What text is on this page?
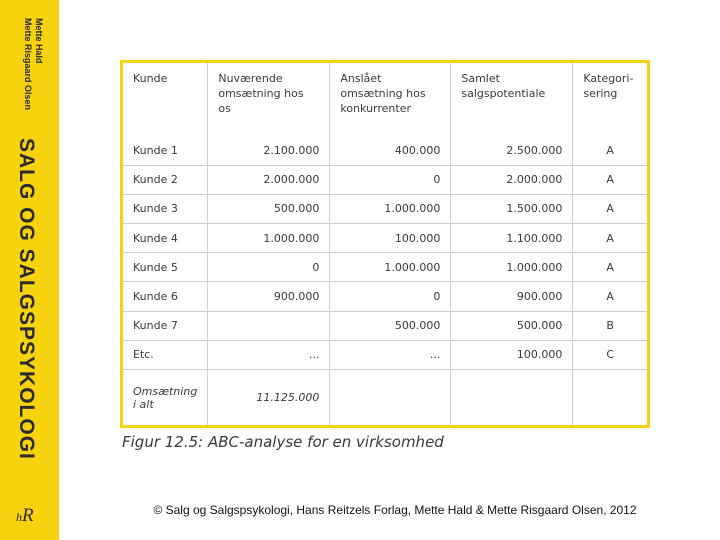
Mette Hald
Mette Risgaard Olsen
SALG OG SALGSPSYKOLOGI
hR
Kunde	Nuværende omsætning hos os	Anslået omsætning hos konkurrenter	Samlet salgspotentiale	Kategori-sering
Kunde 1	2.100.000	400.000	2.500.000	A
Kunde 2	2.000.000	0	2.000.000	A
Kunde 3	500.000	1.000.000	1.500.000	A
Kunde 4	1.000.000	100.000	1.100.000	A
Kunde 5	0	1.000.000	1.000.000	A
Kunde 6	900.000	0	900.000	A
Kunde 7		500.000	500.000	B
Etc.	...	...	100.000	C
Omsætning i alt	11.125.000			
Figur 12.5: ABC-analyse for en virksomhed
© Salg og Salgspsykologi, Hans Reitzels Forlag, Mette Hald & Mette Risgaard Olsen, 2012
